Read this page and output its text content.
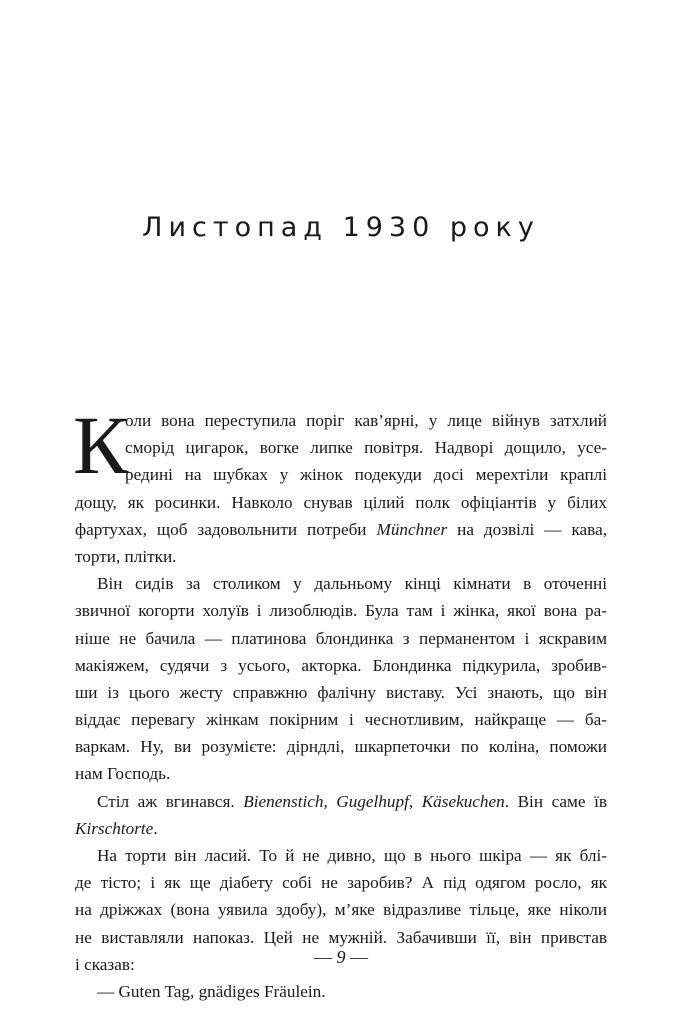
Листопад 1930 року
К
оли вона переступила поріг кав’ярні, у лице війнув затхлий
сморід цигарок, вогке липке повітря. Надворі дощило, усе-
редині на шубках у жінок подекуди досі мерехтіли краплі
дощу, як росинки. Навколо снував цілий полк офіціантів у білих
фартухах, щоб задовольнити потреби Münchner на дозвілі — кава,
торти, плітки.
Він сидів за столиком у дальньому кінці кімнати в оточенні
звичної когорти холуїв і лизоблюдів. Була там і жінка, якої вона ра-
ніше не бачила — платинова блондинка з перманентом і яскравим
макіяжем, судячи з усього, акторка. Блондинка підкурила, зробив-
ши із цього жесту справжню фалічну виставу. Усі знають, що він
віддає перевагу жінкам покірним і чеснотливим, найкраще — ба-
варкам. Ну, ви розумієте: дірндлі, шкарпеточки по коліна, поможи
нам Господь.
Стіл аж вгинався. Bienenstich, Gugelhupf, Käsekuchen. Він саме їв
Kirschtorte.
На торти він ласий. То й не дивно, що в нього шкіра — як блі-
де тісто; і як ще діабету собі не заробив? А під одягом росло, як
на дріжжах (вона уявила здобу), м’яке відразливе тільце, яке ніколи
не виставляли напоказ. Цей не мужній. Забачивши її, він привстав
і сказав:
— Guten Tag, gnädiges Fräulein.
— 9 —
